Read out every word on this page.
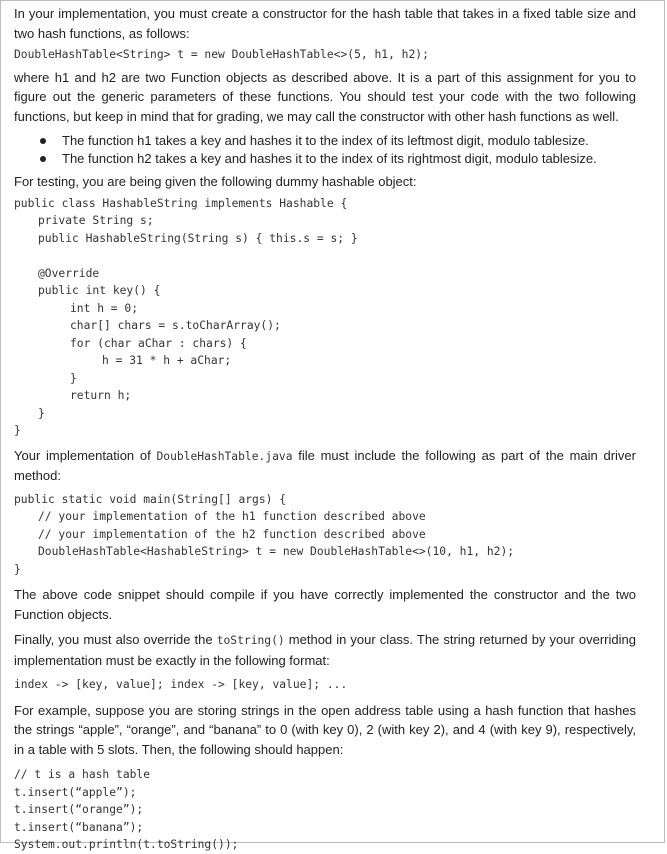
In your implementation, you must create a constructor for the hash table that takes in a fixed table size and two hash functions, as follows:

DoubleHashTable<String> t = new DoubleHashTable<>(5, h1, h2);

where h1 and h2 are two Function objects as described above. It is a part of this assignment for you to figure out the generic parameters of these functions. You should test your code with the two following functions, but keep in mind that for grading, we may call the constructor with other hash functions as well.

The function h1 takes a key and hashes it to the index of its leftmost digit, modulo tablesize.
The function h2 takes a key and hashes it to the index of its rightmost digit, modulo tablesize.

For testing, you are being given the following dummy hashable object:

public class HashableString implements Hashable {
private String s;
public HashableString(String s) { this.s = s; }
@Override
public int key() {
int h = 0;
char[] chars = s.toCharArray();
for (char aChar : chars) {
h = 31 * h + aChar;
}
return h;
}
}

Your implementation of DoubleHashTable.java file must include the following as part of the main driver method:

public static void main(String[] args) {
// your implementation of the h1 function described above
// your implementation of the h2 function described above
DoubleHashTable<HashableString> t = new DoubleHashTable<>(10, h1, h2);
}

The above code snippet should compile if you have correctly implemented the constructor and the two Function objects.

Finally, you must also override the toString() method in your class. The string returned by your overriding implementation must be exactly in the following format:

index -> [key, value]; index -> [key, value]; ...

For example, suppose you are storing strings in the open address table using a hash function that hashes the strings “apple”, “orange”, and “banana” to 0 (with key 0), 2 (with key 2), and 4 (with key 9), respectively, in a table with 5 slots. Then, the following should happen:

// t is a hash table
t.insert(“apple”);
t.insert(“orange”);
t.insert(“banana”);
System.out.println(t.toString());
